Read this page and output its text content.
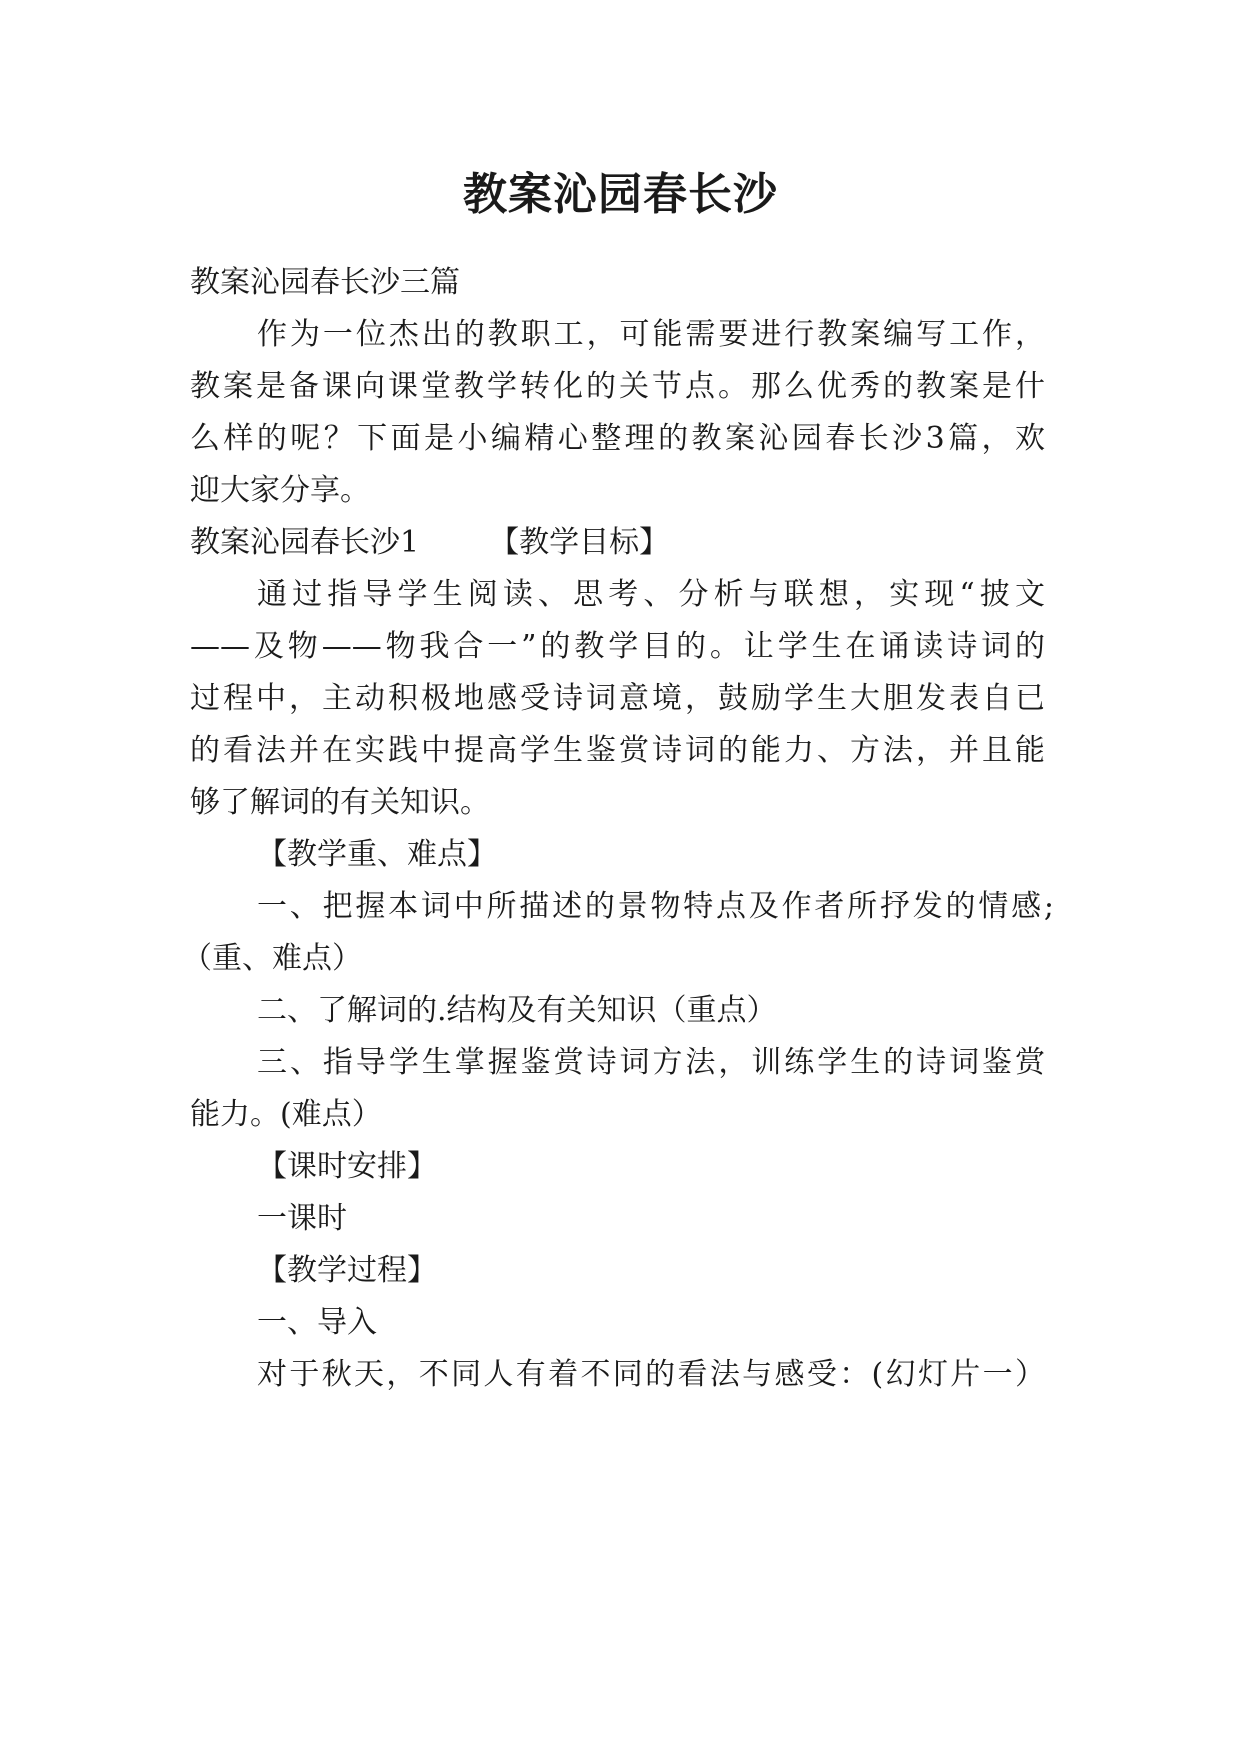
教案沁园春长沙
教案沁园春长沙三篇
作为一位杰出的教职工，可能需要进行教案编写工作，
教案是备课向课堂教学转化的关节点。那么优秀的教案是什
么样的呢？下面是小编精心整理的教案沁园春长沙3篇，欢
迎大家分享。
教案沁园春长沙1 【教学目标】
通过指导学生阅读、思考、分析与联想，实现“披文
——及物——物我合一”的教学目的。让学生在诵读诗词的
过程中，主动积极地感受诗词意境，鼓励学生大胆发表自已
的看法并在实践中提高学生鉴赏诗词的能力、方法，并且能
够了解词的有关知识。
【教学重、难点】
一、把握本词中所描述的景物特点及作者所抒发的情感;
（重、难点）
二、了解词的.结构及有关知识（重点）
三、指导学生掌握鉴赏诗词方法，训练学生的诗词鉴赏
能力。(难点）
【课时安排】
一课时
【教学过程】
一、导入
对于秋天，不同人有着不同的看法与感受：(幻灯片一）
